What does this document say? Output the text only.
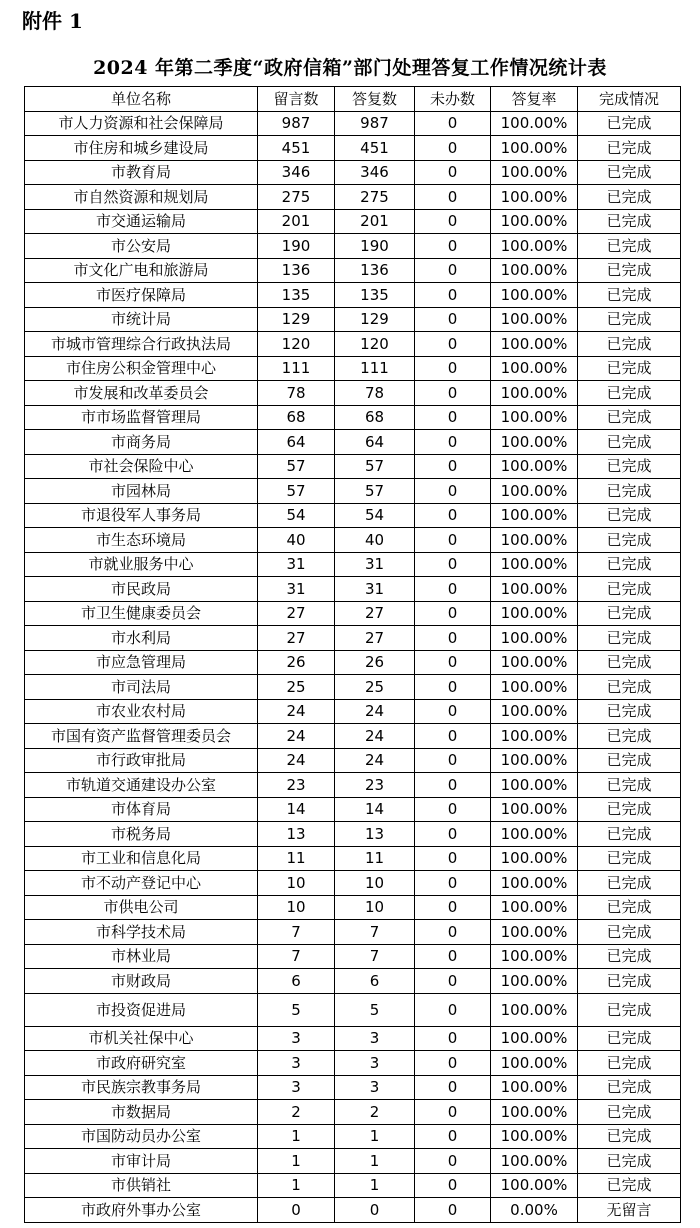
附件 1
2024 年第二季度“政府信箱”部门处理答复工作情况统计表
单位名称	留言数	答复数	未办数	答复率	完成情况
市人力资源和社会保障局	987	987	0	100.00%	已完成
市住房和城乡建设局	451	451	0	100.00%	已完成
市教育局	346	346	0	100.00%	已完成
市自然资源和规划局	275	275	0	100.00%	已完成
市交通运输局	201	201	0	100.00%	已完成
市公安局	190	190	0	100.00%	已完成
市文化广电和旅游局	136	136	0	100.00%	已完成
市医疗保障局	135	135	0	100.00%	已完成
市统计局	129	129	0	100.00%	已完成
市城市管理综合行政执法局	120	120	0	100.00%	已完成
市住房公积金管理中心	111	111	0	100.00%	已完成
市发展和改革委员会	78	78	0	100.00%	已完成
市市场监督管理局	68	68	0	100.00%	已完成
市商务局	64	64	0	100.00%	已完成
市社会保险中心	57	57	0	100.00%	已完成
市园林局	57	57	0	100.00%	已完成
市退役军人事务局	54	54	0	100.00%	已完成
市生态环境局	40	40	0	100.00%	已完成
市就业服务中心	31	31	0	100.00%	已完成
市民政局	31	31	0	100.00%	已完成
市卫生健康委员会	27	27	0	100.00%	已完成
市水利局	27	27	0	100.00%	已完成
市应急管理局	26	26	0	100.00%	已完成
市司法局	25	25	0	100.00%	已完成
市农业农村局	24	24	0	100.00%	已完成
市国有资产监督管理委员会	24	24	0	100.00%	已完成
市行政审批局	24	24	0	100.00%	已完成
市轨道交通建设办公室	23	23	0	100.00%	已完成
市体育局	14	14	0	100.00%	已完成
市税务局	13	13	0	100.00%	已完成
市工业和信息化局	11	11	0	100.00%	已完成
市不动产登记中心	10	10	0	100.00%	已完成
市供电公司	10	10	0	100.00%	已完成
市科学技术局	7	7	0	100.00%	已完成
市林业局	7	7	0	100.00%	已完成
市财政局	6	6	0	100.00%	已完成
市投资促进局	5	5	0	100.00%	已完成
市机关社保中心	3	3	0	100.00%	已完成
市政府研究室	3	3	0	100.00%	已完成
市民族宗教事务局	3	3	0	100.00%	已完成
市数据局	2	2	0	100.00%	已完成
市国防动员办公室	1	1	0	100.00%	已完成
市审计局	1	1	0	100.00%	已完成
市供销社	1	1	0	100.00%	已完成
市政府外事办公室	0	0	0	0.00%	无留言
